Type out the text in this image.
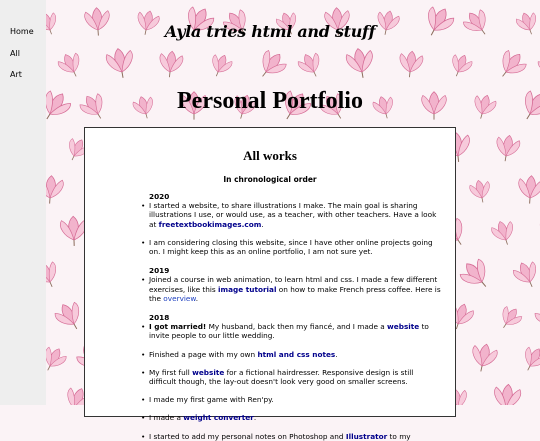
Home
All
Art
Ayla tries html and stuff
Personal Portfolio
All works
In chronological order
2020

• I started a website, to share illustrations I make. The main goal is sharing illustrations I use, or would use, as a teacher, with other teachers. Have a look at freetextbookimages.com.

• I am considering closing this website, since I have other online projects going on. I might keep this as an online portfolio, I am not sure yet.

2019

• Joined a course in web animation, to learn html and css. I made a few different exercises, like this image tutorial on how to make French press coffee. Here is the overview.

2018

• I got married! My husband, back then my fiancé, and I made a website to invite people to our little wedding.

• Finished a page with my own html and css notes.

• My first full website for a fictional hairdresser. Responsive design is still difficult though, the lay-out doesn't look very good on smaller screens.

• I made my first game with Ren'py.

• I made a weight converter.

• I started to add my personal notes on Photoshop and Illustrator to my
